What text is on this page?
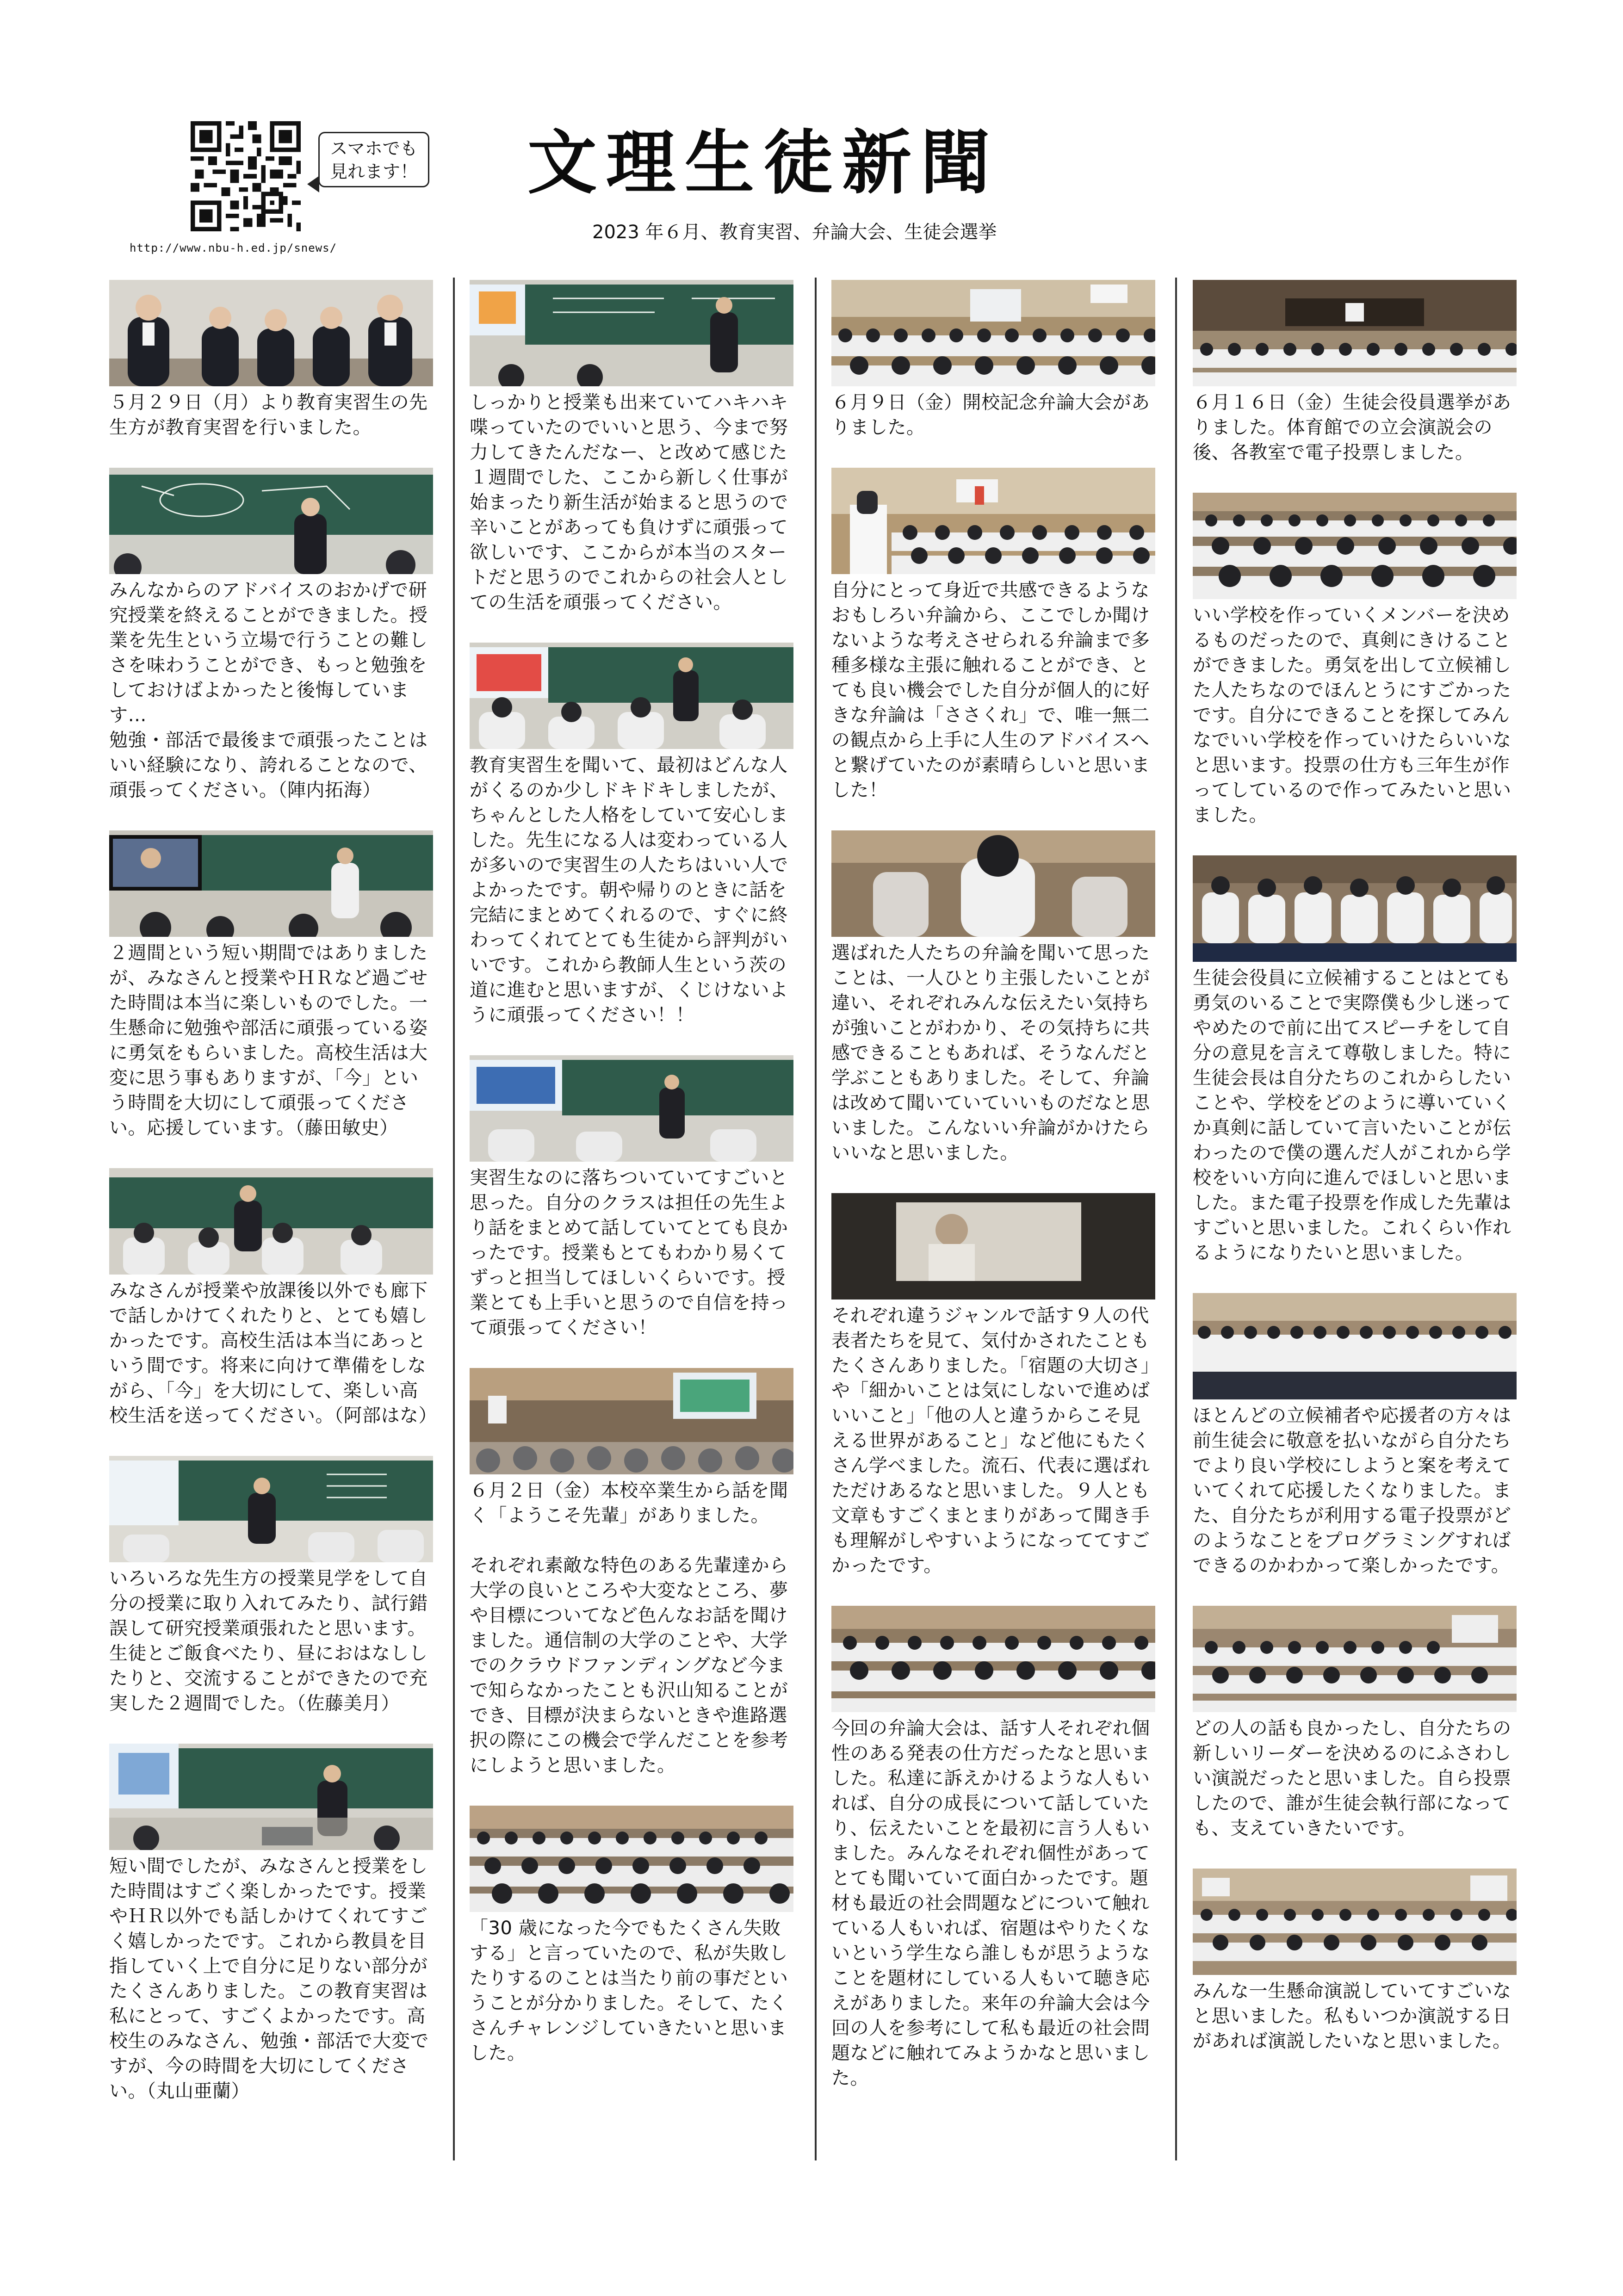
スマホでも
見れます！
http://www.nbu-h.ed.jp/snews/
文理生徒新聞
2023 年６月、教育実習、弁論大会、生徒会選挙

５月２９日（月）より教育実習生の先生方が教育実習を行いました。

みんなからのアドバイスのおかげで研究授業を終えることができました。授業を先生という立場で行うことの難しさを味わうことができ、もっと勉強をしておけばよかったと後悔しています…
勉強・部活で最後まで頑張ったことはいい経験になり、誇れることなので、頑張ってください。（陣内拓海）

２週間という短い期間ではありましたが、みなさんと授業やＨＲなど過ごせた時間は本当に楽しいものでした。一生懸命に勉強や部活に頑張っている姿に勇気をもらいました。高校生活は大変に思う事もありますが、「今」という時間を大切にして頑張ってください。応援しています。（藤田敏史）

みなさんが授業や放課後以外でも廊下で話しかけてくれたりと、とても嬉しかったです。高校生活は本当にあっという間です。将来に向けて準備をしながら、「今」を大切にして、楽しい高校生活を送ってください。（阿部はな）

いろいろな先生方の授業見学をして自分の授業に取り入れてみたり、試行錯誤して研究授業頑張れたと思います。生徒とご飯食べたり、昼におはなししたりと、交流することができたので充実した２週間でした。（佐藤美月）

短い間でしたが、みなさんと授業をした時間はすごく楽しかったです。授業やＨＲ以外でも話しかけてくれてすごく嬉しかったです。これから教員を目指していく上で自分に足りない部分がたくさんありました。この教育実習は私にとって、すごくよかったです。高校生のみなさん、勉強・部活で大変ですが、今の時間を大切にしてください。（丸山亜蘭）

しっかりと授業も出来ていてハキハキ喋っていたのでいいと思う、今まで努力してきたんだなー、と改めて感じた１週間でした、ここから新しく仕事が始まったり新生活が始まると思うので辛いことがあっても負けずに頑張って欲しいです、ここからが本当のスタートだと思うのでこれからの社会人としての生活を頑張ってください。

教育実習生を聞いて、最初はどんな人がくるのか少しドキドキしましたが、ちゃんとした人格をしていて安心しました。先生になる人は変わっている人が多いので実習生の人たちはいい人でよかったです。朝や帰りのときに話を完結にまとめてくれるので、すぐに終わってくれてとても生徒から評判がいいです。これから教師人生という茨の道に進むと思いますが、くじけないように頑張ってください！！

実習生なのに落ちついていてすごいと思った。自分のクラスは担任の先生より話をまとめて話していてとても良かったです。授業もとてもわかり易くてずっと担当してほしいくらいです。授業とても上手いと思うので自信を持って頑張ってください！

６月２日（金）本校卒業生から話を聞く「ようこそ先輩」がありました。

それぞれ素敵な特色のある先輩達から大学の良いところや大変なところ、夢や目標についてなど色んなお話を聞けました。通信制の大学のことや、大学でのクラウドファンディングなど今まで知らなかったことも沢山知ることができ、目標が決まらないときや進路選択の際にこの機会で学んだことを参考にしようと思いました。

「30 歳になった今でもたくさん失敗する」と言っていたので、私が失敗したりするのことは当たり前の事だということが分かりました。そして、たくさんチャレンジしていきたいと思いました。

６月９日（金）開校記念弁論大会がありました。

自分にとって身近で共感できるようなおもしろい弁論から、ここでしか聞けないような考えさせられる弁論まで多種多様な主張に触れることができ、とても良い機会でした自分が個人的に好きな弁論は「ささくれ」で、唯一無二の観点から上手に人生のアドバイスへと繋げていたのが素晴らしいと思いました！

選ばれた人たちの弁論を聞いて思ったことは、一人ひとり主張したいことが違い、それぞれみんな伝えたい気持ちが強いことがわかり、その気持ちに共感できることもあれば、そうなんだと学ぶこともありました。そして、弁論は改めて聞いていていいものだなと思いました。こんないい弁論がかけたらいいなと思いました。

それぞれ違うジャンルで話す９人の代表者たちを見て、気付かされたこともたくさんありました。「宿題の大切さ」や「細かいことは気にしないで進めばいいこと」「他の人と違うからこそ見える世界があること」など他にもたくさん学べました。流石、代表に選ばれただけあるなと思いました。９人とも文章もすごくまとまりがあって聞き手も理解がしやすいようになっててすごかったです。

今回の弁論大会は、話す人それぞれ個性のある発表の仕方だったなと思いました。私達に訴えかけるような人もいれば、自分の成長について話していたり、伝えたいことを最初に言う人もいました。みんなそれぞれ個性があってとても聞いていて面白かったです。題材も最近の社会問題などについて触れている人もいれば、宿題はやりたくないという学生なら誰しもが思うようなことを題材にしている人もいて聴き応えがありました。来年の弁論大会は今回の人を参考にして私も最近の社会問題などに触れてみようかなと思いました。

６月１６日（金）生徒会役員選挙がありました。体育館での立会演説会の後、各教室で電子投票しました。

いい学校を作っていくメンバーを決めるものだったので、真剣にきけることができました。勇気を出して立候補した人たちなのでほんとうにすごかったです。自分にできることを探してみんなでいい学校を作っていけたらいいなと思います。投票の仕方も三年生が作ってしているので作ってみたいと思いました。

生徒会役員に立候補することはとても勇気のいることで実際僕も少し迷ってやめたので前に出てスピーチをして自分の意見を言えて尊敬しました。特に生徒会長は自分たちのこれからしたいことや、学校をどのように導いていくか真剣に話していて言いたいことが伝わったので僕の選んだ人がこれから学校をいい方向に進んでほしいと思いました。また電子投票を作成した先輩はすごいと思いました。これくらい作れるようになりたいと思いました。

ほとんどの立候補者や応援者の方々は前生徒会に敬意を払いながら自分たちでより良い学校にしようと案を考えていてくれて応援したくなりました。また、自分たちが利用する電子投票がどのようなことをプログラミングすればできるのかわかって楽しかったです。

どの人の話も良かったし、自分たちの新しいリーダーを決めるのにふさわしい演説だったと思いました。自ら投票したので、誰が生徒会執行部になっても、支えていきたいです。

みんな一生懸命演説していてすごいなと思いました。私もいつか演説する日があれば演説したいなと思いました。
